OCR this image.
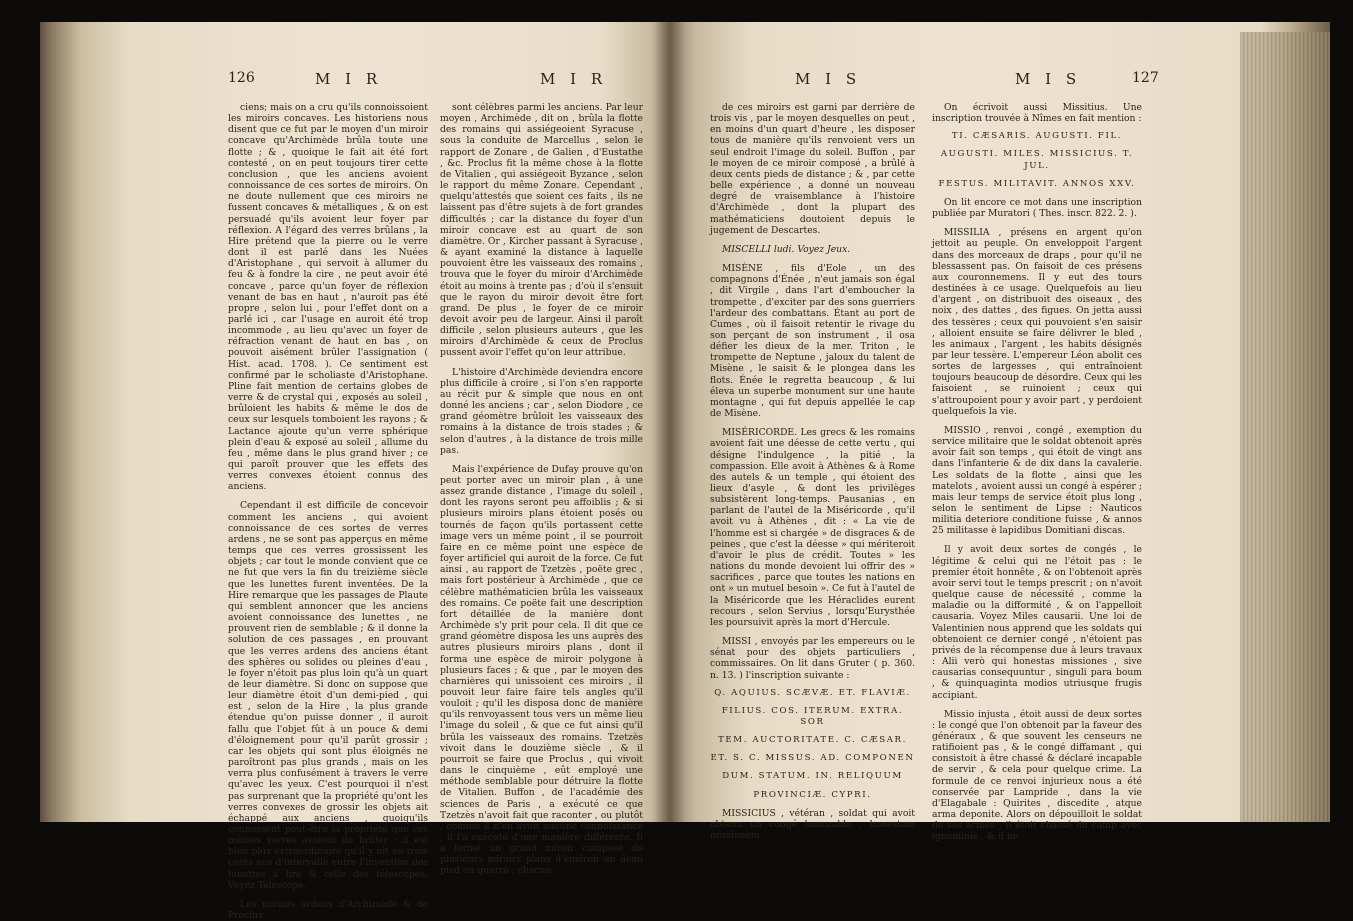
126	M I R	M I R

ciens; mais on a cru qu'ils connoissoient les miroirs concaves. Les historiens nous disent que ce fut par le moyen d'un miroir concave qu'Archimède brûla toute une flotte ; & , quoique le fait ait été fort contesté , on en peut toujours tirer cette conclusion , que les anciens avoient connoissance de ces sortes de miroirs. On ne doute nullement que ces miroirs ne fussent concaves & métalliques , & on est persuadé qu'ils avoient leur foyer par réflexion. A l'égard des verres brûlans , la Hire prétend que la pierre ou le verre dont il est parlé dans les Nuées d'Aristophane , qui servoit à allumer du feu & à fondre la cire , ne peut avoir été concave , parce qu'un foyer de réflexion venant de bas en haut , n'auroit pas été propre , selon lui , pour l'effet dont on a parlé ici , car l'usage en auroit été trop incommode , au lieu qu'avec un foyer de réfraction venant de haut en bas , on pouvoit aisément brûler l'assignation ( Hist. acad. 1708. ). Ce sentiment est confirmé par le scholiaste d'Aristophane. Pline fait mention de certains globes de verre & de crystal qui , exposés au soleil , brûloient les habits & même le dos de ceux sur lesquels tomboient les rayons ; & Lactance ajoute qu'un verre sphérique plein d'eau & exposé au soleil , allume du feu , même dans le plus grand hiver ; ce qui paroît prouver que les effets des verres convexes étoient connus des anciens.

Cependant il est difficile de concevoir comment les anciens , qui avoient connoissance de ces sortes de verres ardens , ne se sont pas apperçus en même temps que ces verres grossissent les objets ; car tout le monde convient que ce ne fut que vers la fin du treizième siècle que les lunettes furent inventées. De la Hire remarque que les passages de Plaute qui semblent annoncer que les anciens avoient connoissance des lunettes , ne prouvent rien de semblable ; & il donne la solution de ces passages , en prouvant que les verres ardens des anciens étant des sphères ou solides ou pleines d'eau , le foyer n'étoit pas plus loin qu'à un quart de leur diamètre. Si donc on suppose que leur diamètre étoit d'un demi-pied , qui est , selon de la Hire , la plus grande étendue qu'on puisse donner , il auroit fallu que l'objet fût à un pouce & demi d'éloignement pour qu'il parût grossir ; car les objets qui sont plus éloignés ne paroîtront pas plus grands , mais on les verra plus confusément à travers le verre qu'avec les yeux. C'est pourquoi il n'est pas surprenant que la propriété qu'ont les verres convexes de grossir les objets ait échappé aux anciens , quoiqu'ils connussent peut-être la propriété que ces mêmes verres avoient de brûler : il est bien plus extraordinaire qu'il y ait eu trois cents ans d'intervalle entre l'invention des lunettes à lire & celle des télescopes. Voyez Télescope.

Les miroirs ardens d'Archimède & de Proclus

sont célèbres parmi les anciens. Par leur moyen , Archimède , dit on , brûla la flotte des romains qui assiégeoient Syracuse , sous la conduite de Marcellus , selon le rapport de Zonare , de Galien , d'Eustathe , &c. Proclus fit la même chose à la flotte de Vitalien , qui assiégeoit Byzance , selon le rapport du même Zonare. Cependant , quelqu'attestés que soient ces faits , ils ne laissent pas d'être sujets à de fort grandes difficultés ; car la distance du foyer d'un miroir concave est au quart de son diamètre. Or , Kircher passant à Syracuse , & ayant examiné la distance à laquelle pouvoient être les vaisseaux des romains , trouva que le foyer du miroir d'Archimède étoit au moins à trente pas ; d'où il s'ensuit que le rayon du miroir devoit être fort grand. De plus , le foyer de ce miroir devoit avoir peu de largeur. Ainsi il paroît difficile , selon plusieurs auteurs , que les miroirs d'Archimède & ceux de Proclus pussent avoir l'effet qu'on leur attribue.

L'histoire d'Archimède deviendra encore plus difficile à croire , si l'on s'en rapporte au récit pur & simple que nous en ont donné les anciens ; car , selon Diodore , ce grand géomètre brûloit les vaisseaux des romains à la distance de trois stades ; & selon d'autres , à la distance de trois mille pas.

Mais l'expérience de Dufay prouve qu'on peut porter avec un miroir plan , à une assez grande distance , l'image du soleil , dont les rayons seront peu affoiblis ; & si plusieurs miroirs plans étoient posés ou tournés de façon qu'ils portassent cette image vers un même point , il se pourroit faire en ce même point une espèce de foyer artificiel qui auroit de la force. Ce fut ainsi , au rapport de Tzetzès , poëte grec , mais fort postérieur à Archimède , que ce célèbre mathématicien brûla les vaisseaux des romains. Ce poëte fait une description fort détaillée de la manière dont Archimède s'y prit pour cela. Il dit que ce grand géomètre disposa les uns auprès des autres plusieurs miroirs plans , dont il forma une espèce de miroir polygone à plusieurs faces ; & que , par le moyen des charnières qui unissoient ces miroirs , il pouvoit leur faire faire tels angles qu'il vouloit ; qu'il les disposa donc de manière qu'ils renvoyassent tous vers un même lieu l'image du soleil , & que ce fut ainsi qu'il brûla les vaisseaux des romains. Tzetzès vivoit dans le douzième siècle , & il pourroit se faire que Proclus , qui vivoit dans le cinquième , eût employé une méthode semblable pour détruire la flotte de Vitalien. Buffon , de l'académie des sciences de Paris , a exécuté ce que Tzetzès n'avoit fait que raconter , ou plutôt , comme il n'en avoit aucune connoissance , il l'a exécuté d'une manière différente. Il a formé un grand miroir composé de plusieurs miroirs plans d'environ un demi pied en quarré ; chacun

M I S	M I S	127

de ces miroirs est garni par derrière de trois vis , par le moyen desquelles on peut , en moins d'un quart d'heure , les disposer tous de manière qu'ils renvoient vers un seul endroit l'image du soleil. Buffon , par le moyen de ce miroir composé , a brûlé à deux cents pieds de distance ; & , par cette belle expérience , a donné un nouveau degré de vraisemblance à l'histoire d'Archimède , dont la plupart des mathématiciens doutoient depuis le jugement de Descartes.

MISCELLI ludi. Voyez Jeux.

MISÈNE , fils d'Eole , un des compagnons d'Énée , n'eut jamais son égal , dit Virgile , dans l'art d'emboucher la trompette , d'exciter par des sons guerriers l'ardeur des combattans. Étant au port de Cumes , où il faisoit retentir le rivage du son perçant de son instrument , il osa défier les dieux de la mer. Triton , le trompette de Neptune , jaloux du talent de Misène , le saisit & le plongea dans les flots. Énée le regretta beaucoup , & lui éleva un superbe monument sur une haute montagne , qui fut depuis appellée le cap de Misène.

MISÉRICORDE. Les grecs & les romains avoient fait une déesse de cette vertu , qui désigne l'indulgence , la pitié , la compassion. Elle avoit à Athènes & à Rome des autels & un temple , qui étoient des lieux d'asyle , & dont les privilèges subsistèrent long-temps. Pausanias , en parlant de l'autel de la Miséricorde , qu'il avoit vu à Athènes , dit : « La vie de l'homme est si chargée » de disgraces & de peines , que c'est la déesse » qui mériteroit d'avoir le plus de crédit. Toutes » les nations du monde devoient lui offrir des » sacrifices , parce que toutes les nations en ont » un mutuel besoin ». Ce fut à l'autel de la Miséricorde que les Héraclides eurent recours , selon Servius , lorsqu'Eurysthée les poursuivit après la mort d'Hercule.

MISSI , envoyés par les empereurs ou le sénat pour des objets particuliers , commissaires. On lit dans Gruter ( p. 360. n. 13. ) l'inscription suivante :

Q. AQUIUS. SCÆVÆ. ET. FLAVIÆ.
FILIUS. COS. ITERUM. EXTRA. SOR
TEM. AUCTORITATE. C. CÆSAR.
ET. S. C. MISSUS. AD. COMPONEN
DUM. STATUM. IN. RELIQUUM
PROVINCIÆ. CYPRI.

MISSICIUS , vétéran , soldat qui avoit obtenu un congé honorable , honestam missionem.

On écrivoit aussi Missitius. Une inscription trouvée à Nîmes en fait mention :

TI. CÆSARIS. AUGUSTI. FIL.
AUGUSTI. MILES. MISSICIUS. T. JUL.
FESTUS. MILITAVIT. ANNOS XXV.

On lit encore ce mot dans une inscription publiée par Muratori ( Thes. inscr. 822. 2. ).

MISSILIA , présens en argent qu'on jettoit au peuple. On enveloppoit l'argent dans des morceaux de draps , pour qu'il ne blessassent pas. On faisoit de ces présens aux couronnemens. Il y eut des tours destinées à ce usage. Quelquefois au lieu d'argent , on distribuoit des oiseaux , des noix , des dattes , des figues. On jetta aussi des tessères ; ceux qui pouvoient s'en saisir , alloient ensuite se faire délivrer le bled , les animaux , l'argent , les habits désignés par leur tessère. L'empereur Léon abolit ces sortes de largesses , qui entraînoient toujours beaucoup de désordre. Ceux qui les faisoient , se ruinoient ; ceux qui s'attroupoient pour y avoir part , y perdoient quelquefois la vie.

MISSIO , renvoi , congé , exemption du service militaire que le soldat obtenoit après avoir fait son temps , qui étoit de vingt ans dans l'infanterie & de dix dans la cavalerie. Les soldats de la flotte , ainsi que les matelots , avoient aussi un congé à espérer ; mais leur temps de service étoit plus long , selon le sentiment de Lipse : Nauticos militia deteriore conditione fuisse , & annos 25 militasse è lapidibus Domitiani discas.

Il y avoit deux sortes de congés , le légitime & celui qui ne l'étoit pas : le premier étoit honnête , & on l'obtenoit après avoir servi tout le temps prescrit ; on n'avoit quelque cause de nécessité , comme la maladie ou la difformité , & on l'appelloit causaria. Voyez Miles causarii. Une loi de Valentinien nous apprend que les soldats qui obtenoient ce dernier congé , n'étoient pas privés de la récompense due à leurs travaux : Alii verò qui honestas missiones , sive causarias consequuntur , singuli para boum , & quinquaginta modios utriusque frugis accipiant.

Missio injusta , étoit aussi de deux sortes : le congé que l'on obtenoit par la faveur des généraux , & que souvent les censeurs ne ratifioient pas , & le congé diffamant , qui consistoit à être chassé & déclaré incapable de servir , & cela pour quelque crime. La formule de ce renvoi injurieux nous a été conservée par Lampride , dans la vie d'Elagabale : Quirites , discedite , atque arma deponite. Alors on dépouilloit le soldat de ses armes , il étoit chassé du camp avec ignominie , & il ne
